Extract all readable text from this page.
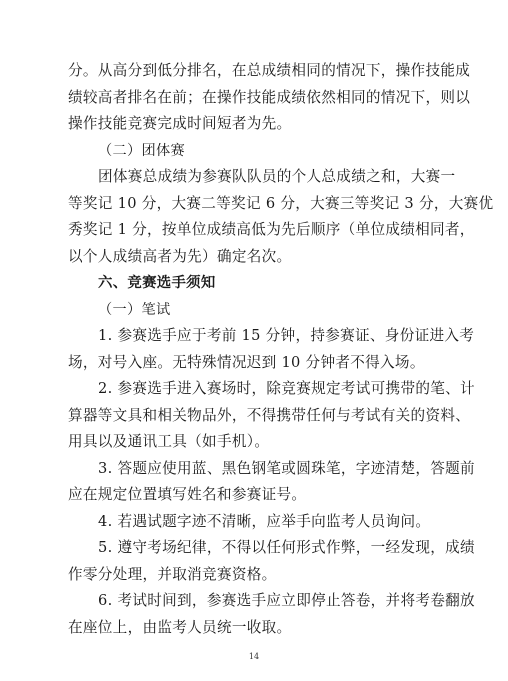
分。从高分到低分排名，在总成绩相同的情况下，操作技能成
绩较高者排名在前；在操作技能成绩依然相同的情况下，则以
操作技能竞赛完成时间短者为先。
（二）团体赛
团体赛总成绩为参赛队队员的个人总成绩之和，大赛一
等奖记 10 分，大赛二等奖记 6 分，大赛三等奖记 3 分，大赛优
秀奖记 1 分，按单位成绩高低为先后顺序（单位成绩相同者，
以个人成绩高者为先）确定名次。
六、竞赛选手须知
（一）笔试
1. 参赛选手应于考前 15 分钟，持参赛证、身份证进入考
场，对号入座。无特殊情况迟到 10 分钟者不得入场。
2. 参赛选手进入赛场时，除竞赛规定考试可携带的笔、计
算器等文具和相关物品外，不得携带任何与考试有关的资料、
用具以及通讯工具（如手机）。
3. 答题应使用蓝、黑色钢笔或圆珠笔，字迹清楚，答题前
应在规定位置填写姓名和参赛证号。
4. 若遇试题字迹不清晰，应举手向监考人员询问。
5. 遵守考场纪律，不得以任何形式作弊，一经发现，成绩
作零分处理，并取消竞赛资格。
6. 考试时间到，参赛选手应立即停止答卷，并将考卷翻放
在座位上，由监考人员统一收取。
14
